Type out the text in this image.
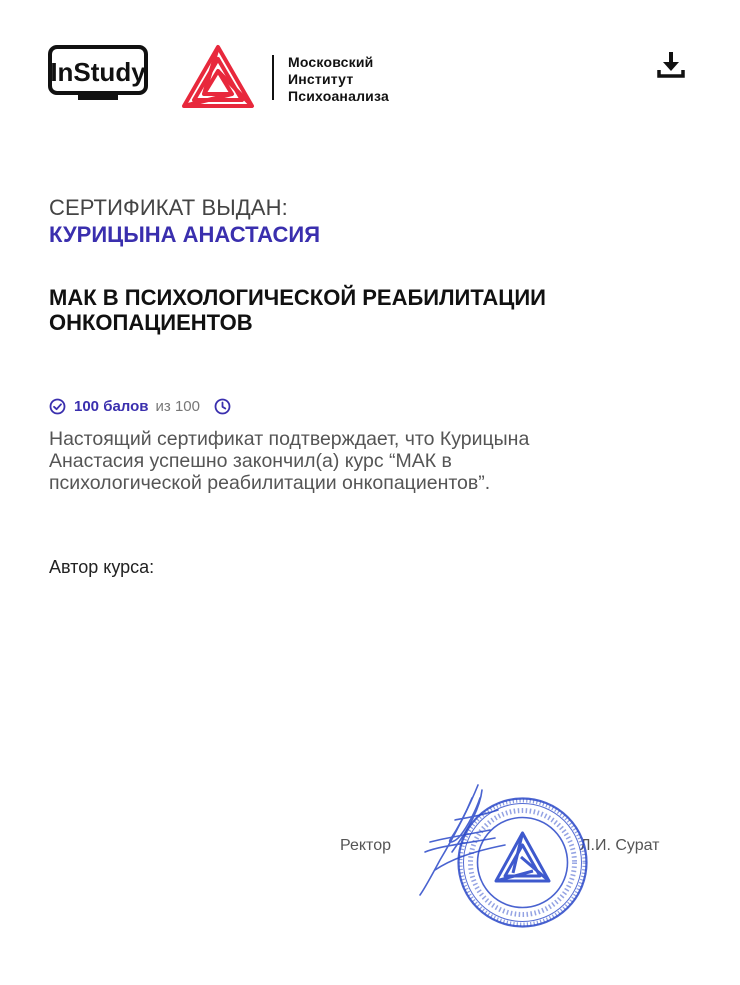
InStudy	Московский
Институт
Психоанализа
СЕРТИФИКАТ ВЫДАН:
КУРИЦЫНА АНАСТАСИЯ
МАК В ПСИХОЛОГИЧЕСКОЙ РЕАБИЛИТАЦИИ
ОНКОПАЦИЕНТОВ
100 балов из 100
Настоящий сертификат подтверждает, что Курицына
Анастасия успешно закончил(а) курс “МАК в
психологической реабилитации онкопациентов”.
Автор курса:
Ректор	Л.И. Сурат
